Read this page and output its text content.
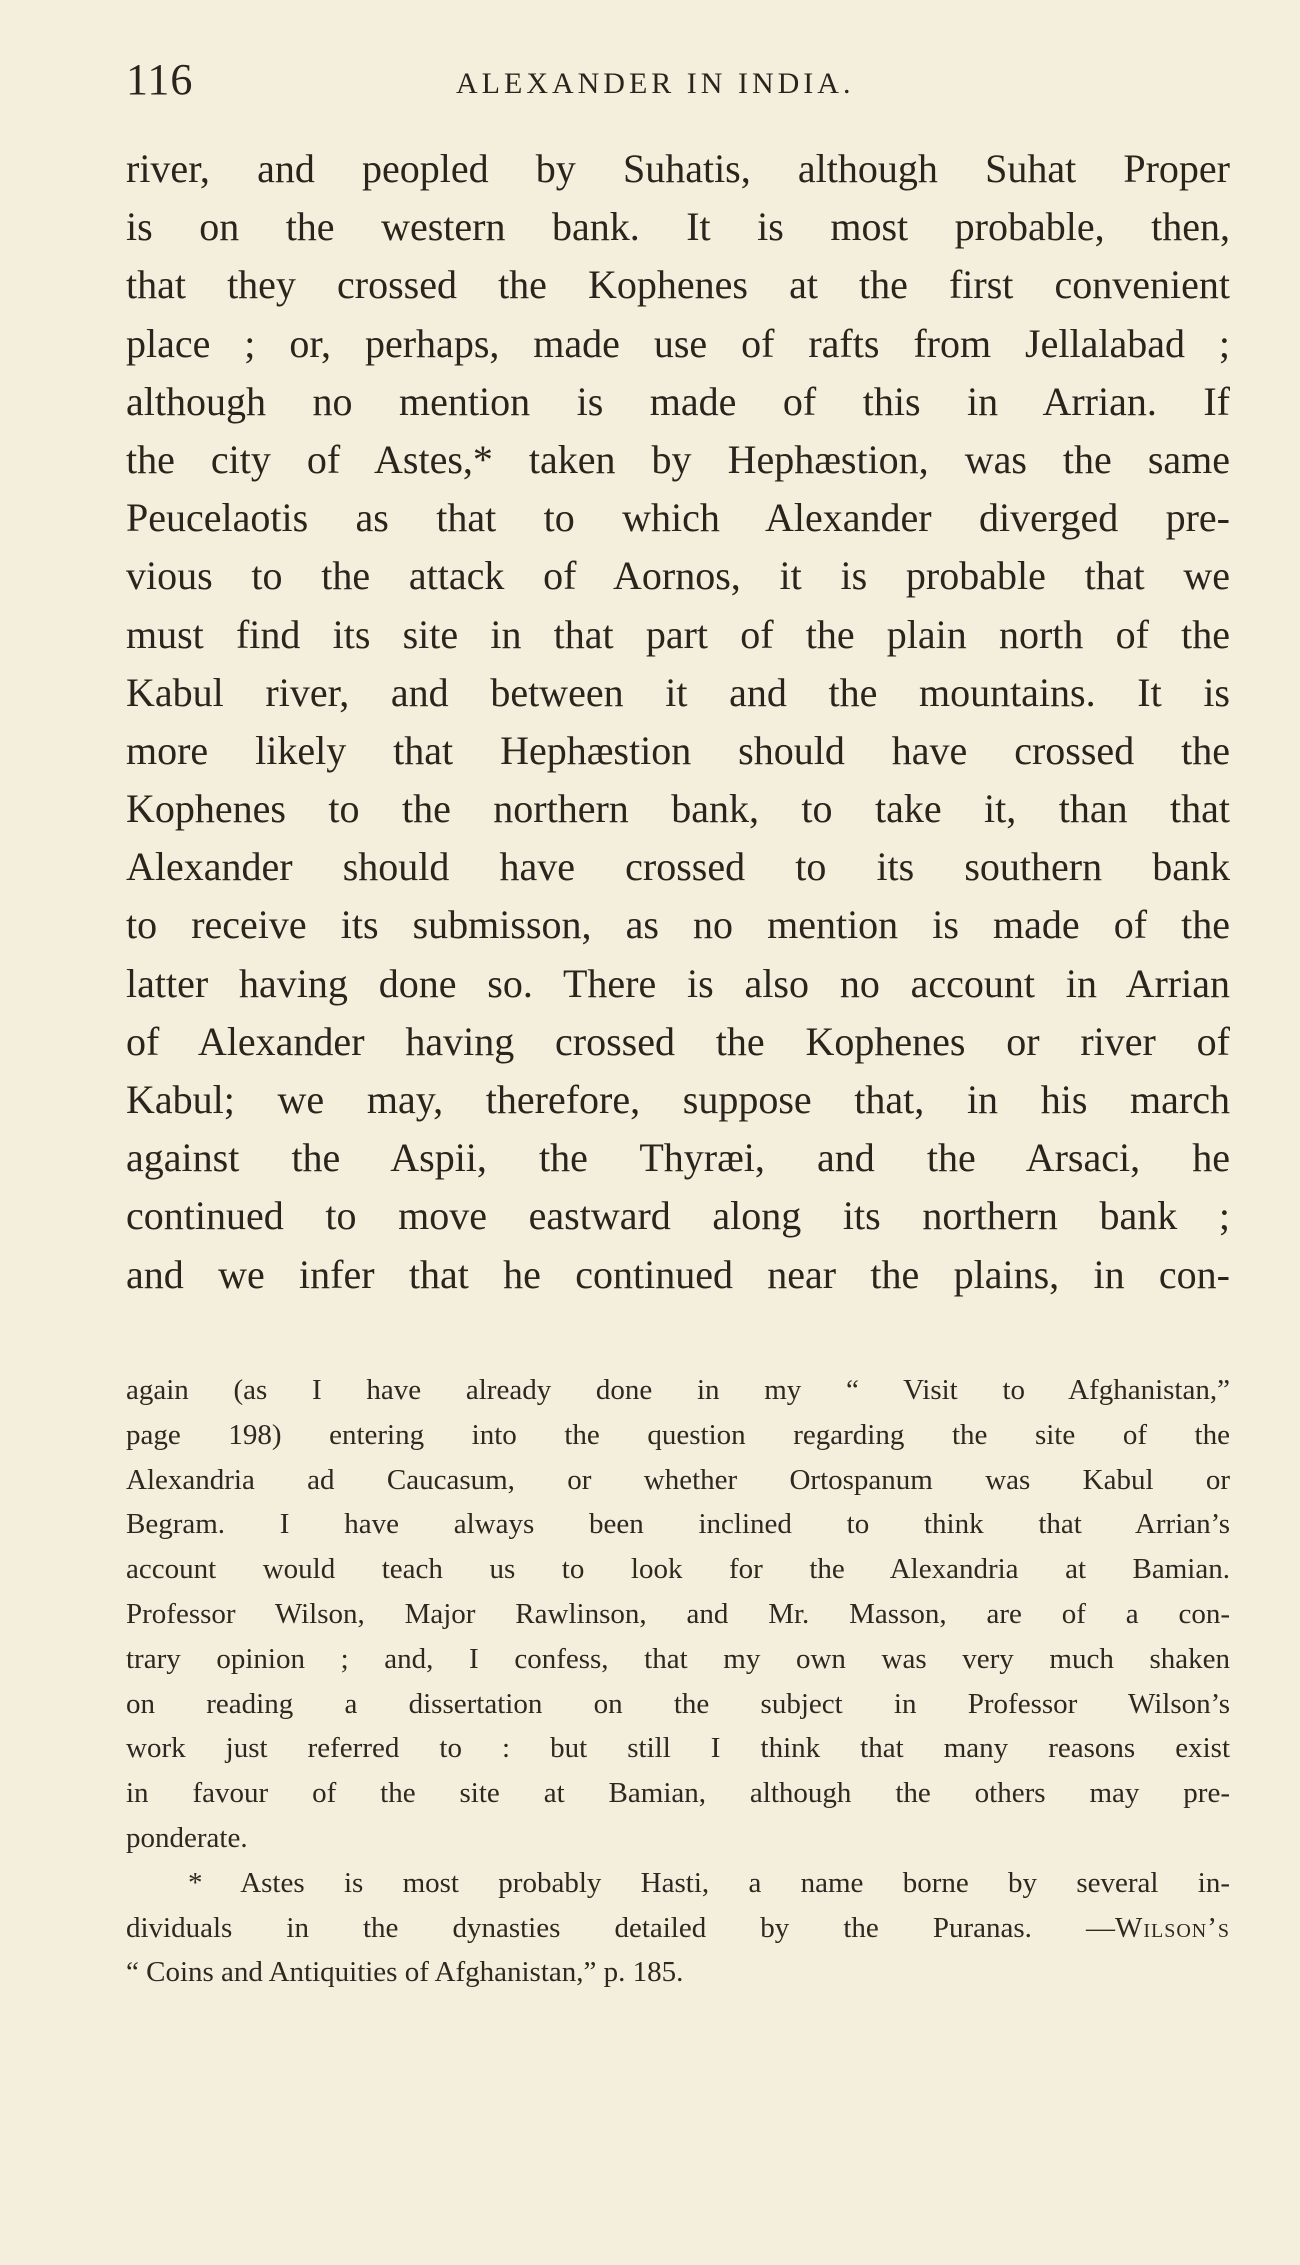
116	ALEXANDER IN INDIA.
river, and peopled by Suhatis, although Suhat Proper
is on the western bank. It is most probable, then,
that they crossed the Kophenes at the first convenient
place ; or, perhaps, made use of rafts from Jellalabad ;
although no mention is made of this in Arrian. If
the city of Astes,* taken by Hephæstion, was the same
Peucelaotis as that to which Alexander diverged pre-
vious to the attack of Aornos, it is probable that we
must find its site in that part of the plain north of the
Kabul river, and between it and the mountains. It is
more likely that Hephæstion should have crossed the
Kophenes to the northern bank, to take it, than that
Alexander should have crossed to its southern bank
to receive its submisson, as no mention is made of the
latter having done so. There is also no account in Arrian
of Alexander having crossed the Kophenes or river of
Kabul; we may, therefore, suppose that, in his march
against the Aspii, the Thyræi, and the Arsaci, he
continued to move eastward along its northern bank ;
and we infer that he continued near the plains, in con-
again (as I have already done in my “ Visit to Afghanistan,”
page 198) entering into the question regarding the site of the
Alexandria ad Caucasum, or whether Ortospanum was Kabul or
Begram. I have always been inclined to think that Arrian’s
account would teach us to look for the Alexandria at Bamian.
Professor Wilson, Major Rawlinson, and Mr. Masson, are of a con-
trary opinion ; and, I confess, that my own was very much shaken
on reading a dissertation on the subject in Professor Wilson’s
work just referred to : but still I think that many reasons exist
in favour of the site at Bamian, although the others may pre-
ponderate.
* Astes is most probably Hasti, a name borne by several in-
dividuals in the dynasties detailed by the Puranas. —Wilson’s
“ Coins and Antiquities of Afghanistan,” p. 185.
